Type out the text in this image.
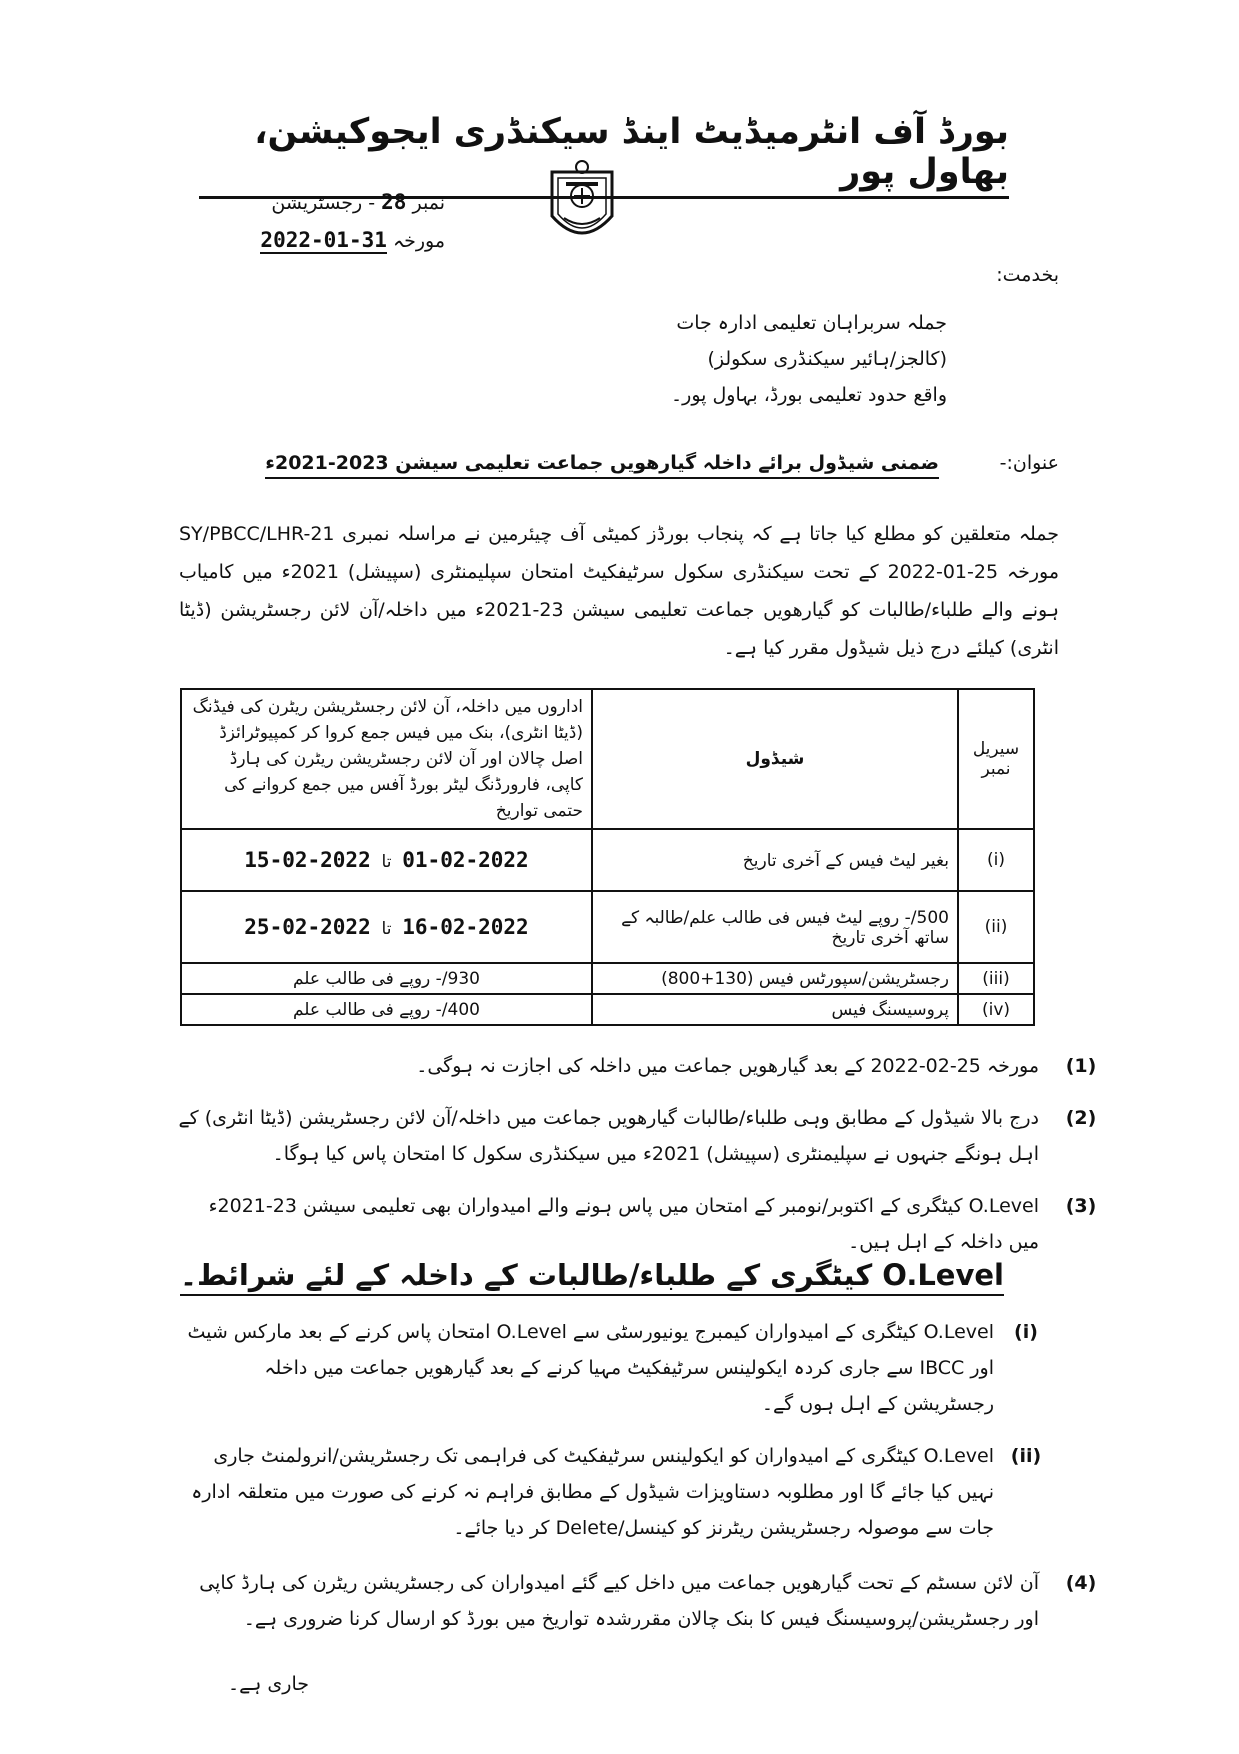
بورڈ آف انٹرمیڈیٹ اینڈ سیکنڈری ایجوکیشن، بھاول پور
نمبر 28 - رجسٹریشن
مورخہ 31-01-2022
بخدمت:
جملہ سربراہان تعلیمی ادارہ جات
(کالجز/ہائیر سیکنڈری سکولز)
واقع حدود تعلیمی بورڈ، بہاول پور۔
عنوان:-
ضمنی شیڈول برائے داخلہ گیارھویں جماعت تعلیمی سیشن 2023-2021ء
جملہ متعلقین کو مطلع کیا جاتا ہے کہ پنجاب بورڈز کمیٹی آف چیئرمین نے مراسلہ نمبری SY/PBCC/LHR-21 مورخہ 25-01-2022 کے تحت سیکنڈری سکول سرٹیفکیٹ امتحان سپلیمنٹری (سپیشل) 2021ء میں کامیاب ہونے والے طلباء/طالبات کو گیارھویں جماعت تعلیمی سیشن 23-2021ء میں داخلہ/آن لائن رجسٹریشن (ڈیٹا انٹری) کیلئے درج ذیل شیڈول مقرر کیا ہے۔
سیریل نمبر	شیڈول	اداروں میں داخلہ، آن لائن رجسٹریشن ریٹرن کی فیڈنگ (ڈیٹا انٹری)، بنک میں فیس جمع کروا کر کمپیوٹرائزڈ اصل چالان اور آن لائن رجسٹریشن ریٹرن کی ہارڈ کاپی، فارورڈنگ لیٹر بورڈ آفس میں جمع کروانے کی حتمی تواریخ
(i)	بغیر لیٹ فیس کے آخری تاریخ	01-02-2022  تا  15-02-2022
(ii)	500/- روپے لیٹ فیس فی طالب علم/طالبہ کے ساتھ آخری تاریخ	16-02-2022  تا  25-02-2022
(iii)	رجسٹریشن/سپورٹس فیس (130+800)	930/- روپے فی طالب علم
(iv)	پروسیسنگ فیس	400/- روپے فی طالب علم
(1)
مورخہ 25-02-2022 کے بعد گیارھویں جماعت میں داخلہ کی اجازت نہ ہوگی۔
(2)
درج بالا شیڈول کے مطابق وہی طلباء/طالبات گیارھویں جماعت میں داخلہ/آن لائن رجسٹریشن (ڈیٹا انٹری) کے اہل ہونگے جنہوں نے سپلیمنٹری (سپیشل) 2021ء میں سیکنڈری سکول کا امتحان پاس کیا ہوگا۔
(3)
O.Level کیٹگری کے اکتوبر/نومبر کے امتحان میں پاس ہونے والے امیدواران بھی تعلیمی سیشن 23-2021ء میں داخلہ کے اہل ہیں۔
O.Level کیٹگری کے طلباء/طالبات کے داخلہ کے لئے شرائط۔
(i)
O.Level کیٹگری کے امیدواران کیمبرج یونیورسٹی سے O.Level امتحان پاس کرنے کے بعد مارکس شیٹ اور IBCC سے جاری کردہ ایکولینس سرٹیفکیٹ مہیا کرنے کے بعد گیارھویں جماعت میں داخلہ رجسٹریشن کے اہل ہوں گے۔
(ii)
O.Level کیٹگری کے امیدواران کو ایکولینس سرٹیفکیٹ کی فراہمی تک رجسٹریشن/انرولمنٹ جاری نہیں کیا جائے گا اور مطلوبہ دستاویزات شیڈول کے مطابق فراہم نہ کرنے کی صورت میں متعلقہ ادارہ جات سے موصولہ رجسٹریشن ریٹرنز کو کینسل/Delete کر دیا جائے۔
(4)
آن لائن سسٹم کے تحت گیارھویں جماعت میں داخل کیے گئے امیدواران کی رجسٹریشن ریٹرن کی ہارڈ کاپی اور رجسٹریشن/پروسیسنگ فیس کا بنک چالان مقررشدہ تواریخ میں بورڈ کو ارسال کرنا ضروری ہے۔
جاری ہے۔
